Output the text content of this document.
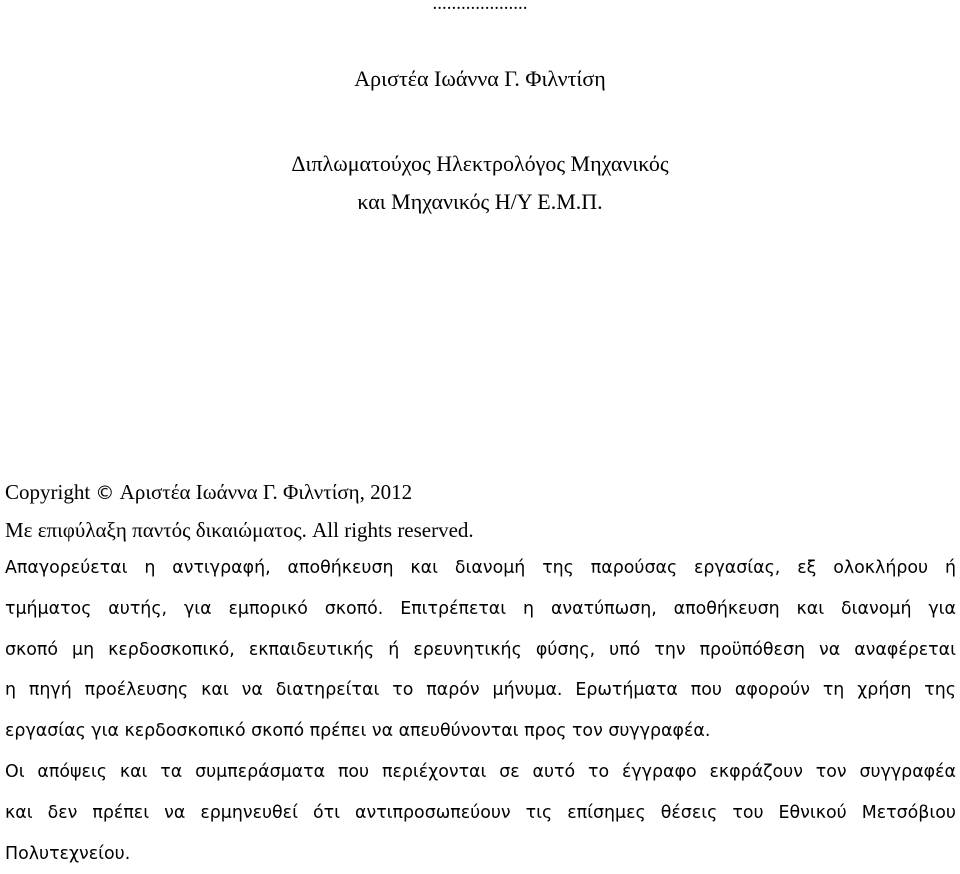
....................
Αριστέα Ιωάννα Γ. Φιλντίση
Διπλωματούχος Ηλεκτρολόγος Μηχανικός
και Μηχανικός Η/Υ Ε.Μ.Π.
Copyright © Αριστέα Ιωάννα Γ. Φιλντίση, 2012
Με επιφύλαξη παντός δικαιώματος. All rights reserved.
Απαγορεύεται η αντιγραφή, αποθήκευση και διανομή της παρούσας εργασίας, εξ ολοκλήρου ή
τμήματος αυτής, για εμπορικό σκοπό. Επιτρέπεται η ανατύπωση, αποθήκευση και διανομή για
σκοπό μη κερδοσκοπικό, εκπαιδευτικής ή ερευνητικής φύσης, υπό την προϋπόθεση να αναφέρεται
η πηγή προέλευσης και να διατηρείται το παρόν μήνυμα. Ερωτήματα που αφορούν τη χρήση της
εργασίας για κερδοσκοπικό σκοπό πρέπει να απευθύνονται προς τον συγγραφέα.
Οι απόψεις και τα συμπεράσματα που περιέχονται σε αυτό το έγγραφο εκφράζουν τον συγγραφέα
και δεν πρέπει να ερμηνευθεί ότι αντιπροσωπεύουν τις επίσημες θέσεις του Εθνικού Μετσόβιου
Πολυτεχνείου.
